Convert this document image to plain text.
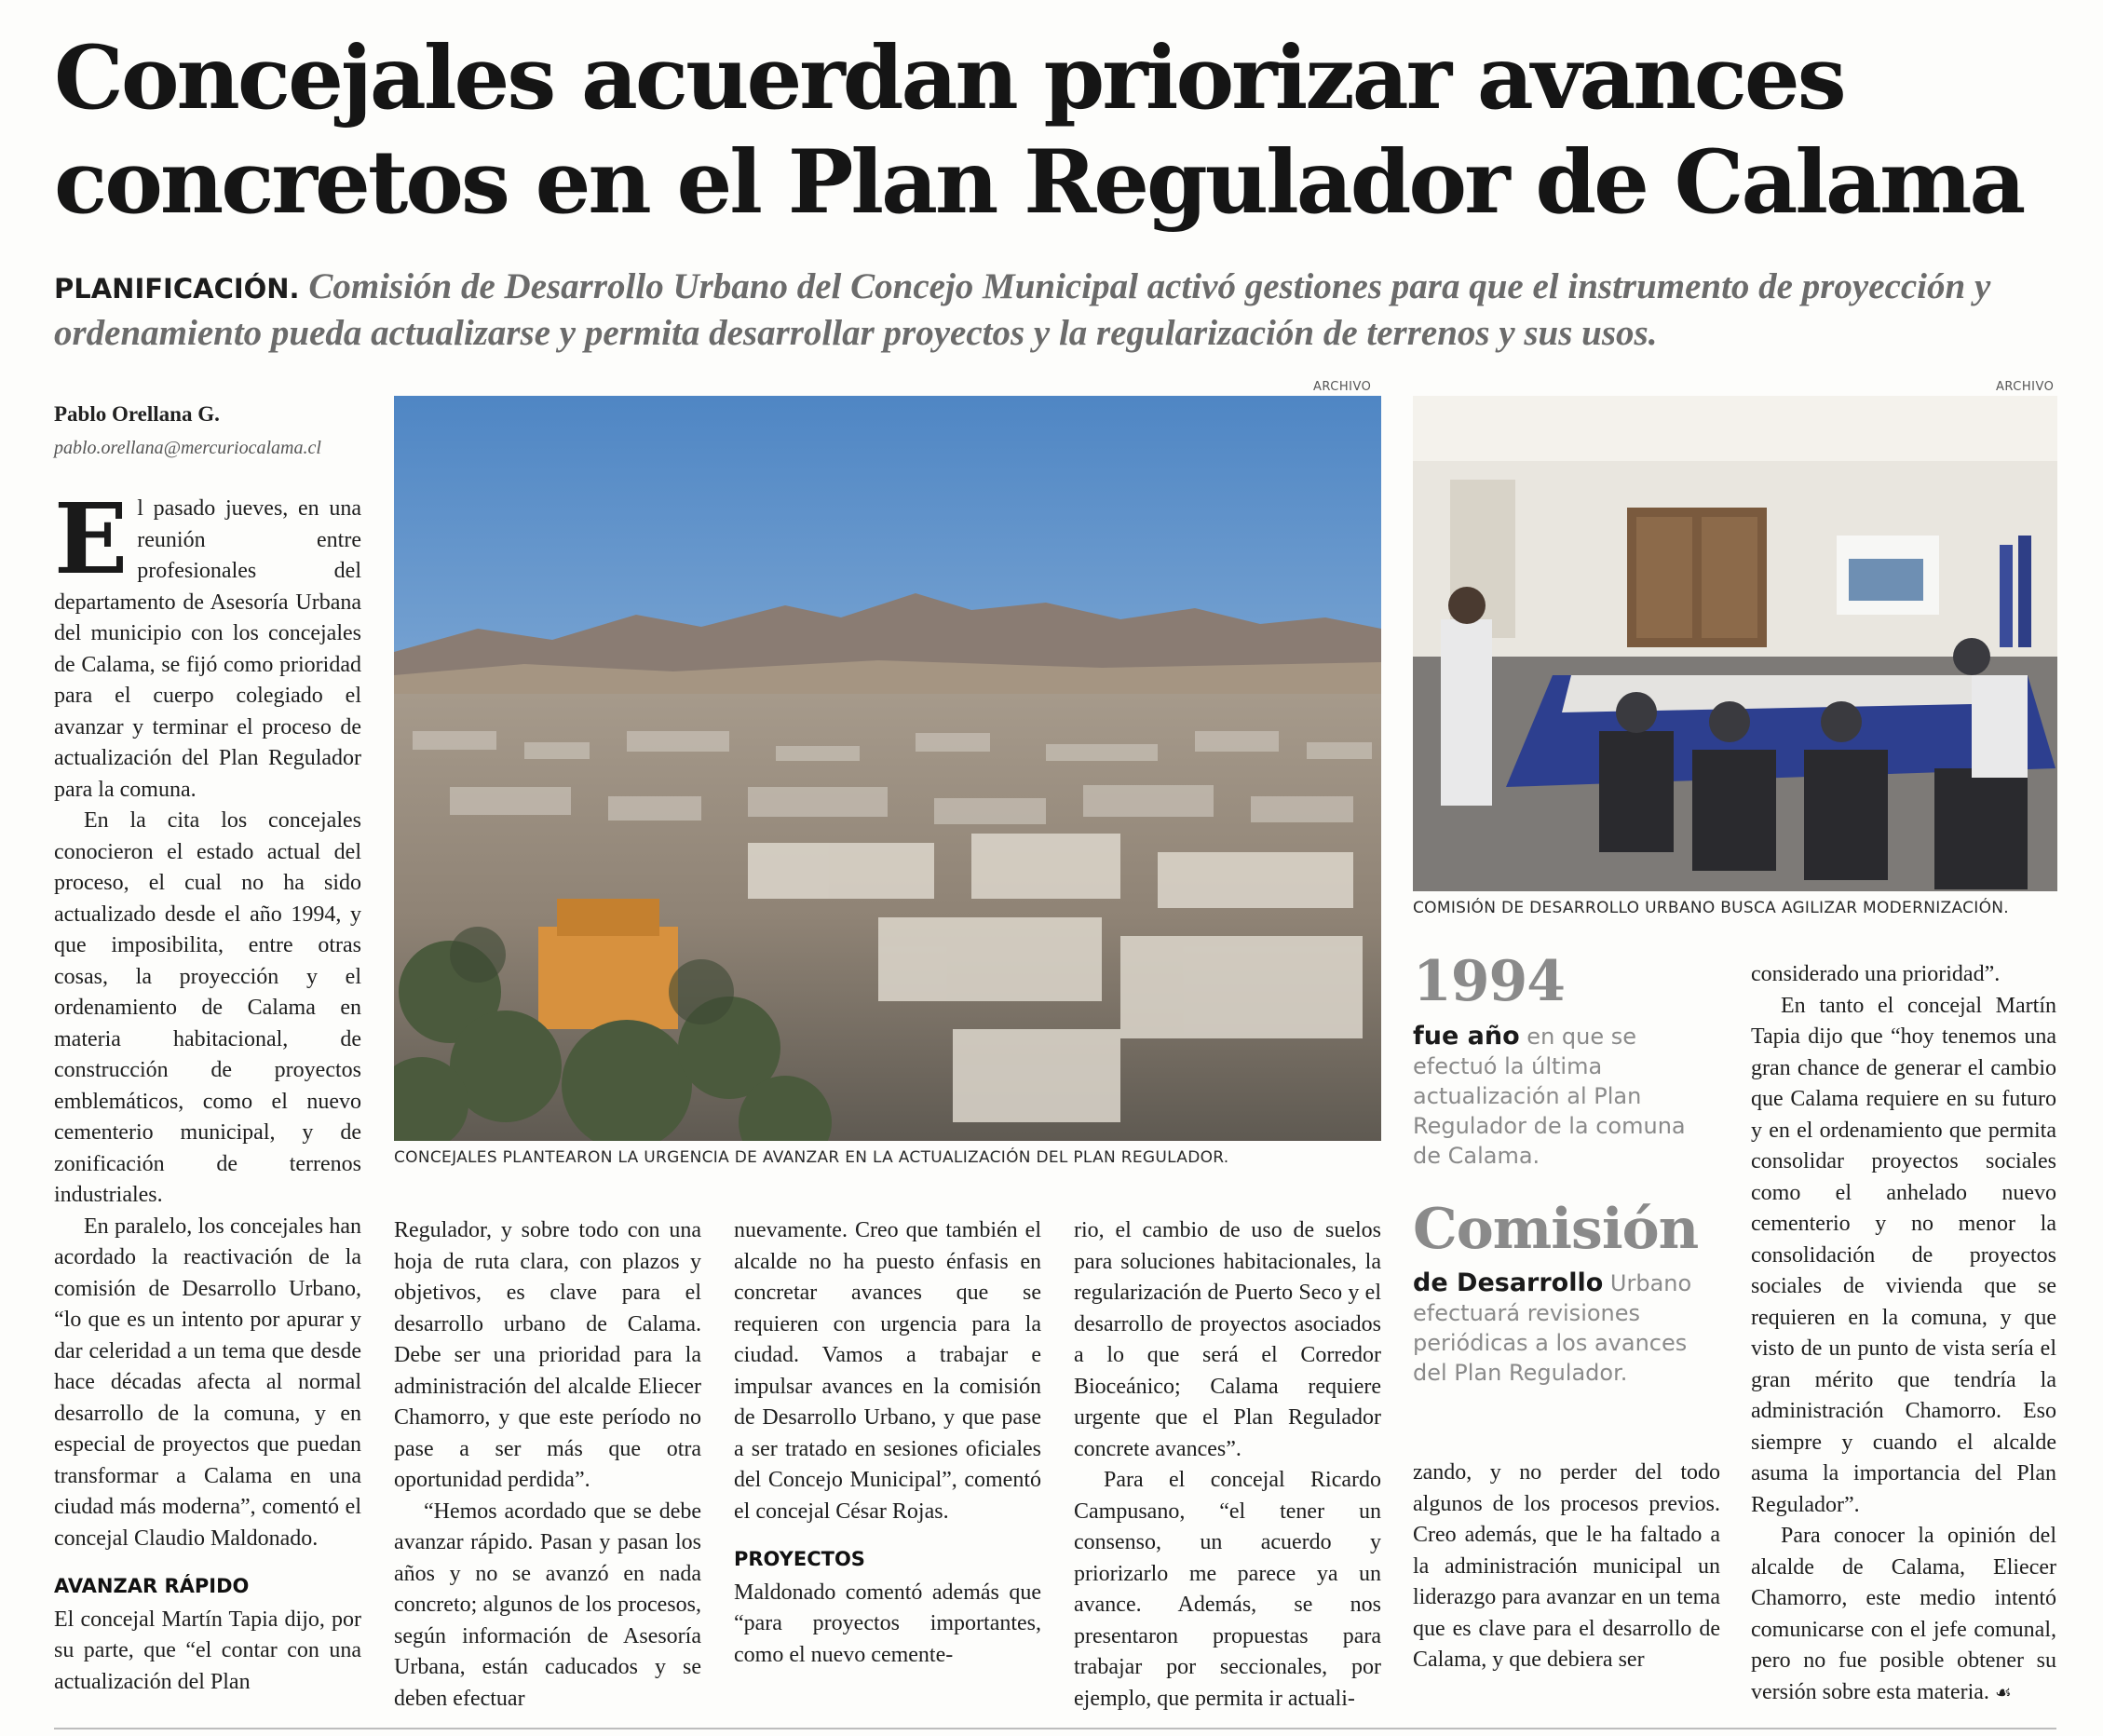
Concejales acuerdan priorizar avances
concretos en el Plan Regulador de Calama
PLANIFICACIÓN. Comisión de Desarrollo Urbano del Concejo Municipal activó gestiones para que el instrumento de proyección y ordenamiento pueda actualizarse y permita desarrollar proyectos y la regularización de terrenos y sus usos.
Pablo Orellana G.
pablo.orellana@mercuriocalama.cl

El pasado jueves, en una reunión entre profesionales del departamento de Asesoría Urbana del municipio con los concejales de Calama, se fijó como prioridad para el cuerpo colegiado el avanzar y terminar el proceso de actualización del Plan Regulador para la comuna.

En la cita los concejales conocieron el estado actual del proceso, el cual no ha sido actualizado desde el año 1994, y que imposibilita, entre otras cosas, la proyección y el ordenamiento de Calama en materia habitacional, de construcción de proyectos emblemáticos, como el nuevo cementerio municipal, y de zonificación de terrenos industriales.

En paralelo, los concejales han acordado la reactivación de la comisión de Desarrollo Urbano, “lo que es un intento por apurar y dar celeridad a un tema que desde hace décadas afecta al normal desarrollo de la comuna, y en especial de proyectos que puedan transformar a Calama en una ciudad más moderna”, comentó el concejal Claudio Maldonado.

AVANZAR RÁPIDO

El concejal Martín Tapia dijo, por su parte, que “el contar con una actualización del Plan

ARCHIVO
CONCEJALES PLANTEARON LA URGENCIA DE AVANZAR EN LA ACTUALIZACIÓN DEL PLAN REGULADOR.
ARCHIVO
COMISIÓN DE DESARROLLO URBANO BUSCA AGILIZAR MODERNIZACIÓN.

Regulador, y sobre todo con una hoja de ruta clara, con plazos y objetivos, es clave para el desarrollo urbano de Calama. Debe ser una prioridad para la administración del alcalde Eliecer Chamorro, y que este período no pase a ser más que otra oportunidad perdida”.

“Hemos acordado que se debe avanzar rápido. Pasan y pasan los años y no se avanzó en nada concreto; algunos de los procesos, según información de Asesoría Urbana, están caducados y se deben efectuar

nuevamente. Creo que también el alcalde no ha puesto énfasis en concretar avances que se requieren con urgencia para la ciudad. Vamos a trabajar e impulsar avances en la comisión de Desarrollo Urbano, y que pase a ser tratado en sesiones oficiales del Concejo Municipal”, comentó el concejal César Rojas.

PROYECTOS

Maldonado comentó además que “para proyectos importantes, como el nuevo cemente-

rio, el cambio de uso de suelos para soluciones habitacionales, la regularización de Puerto Seco y el desarrollo de proyectos asociados a lo que será el Corredor Bioceánico; Calama requiere urgente que el Plan Regulador concrete avances”.

Para el concejal Ricardo Campusano, “el tener un consenso, un acuerdo y priorizarlo me parece ya un avance. Además, se nos presentaron propuestas para trabajar por seccionales, por ejemplo, que permita ir actuali-

1994
fue año en que se efectuó la última actualización al Plan Regulador de la comuna de Calama.
Comisión
de Desarrollo Urbano efectuará revisiones periódicas a los avances del Plan Regulador.

zando, y no perder del todo algunos de los procesos previos. Creo además, que le ha faltado a la administración municipal un liderazgo para avanzar en un tema que es clave para el desarrollo de Calama, y que debiera ser

considerado una prioridad”.

En tanto el concejal Martín Tapia dijo que “hoy tenemos una gran chance de generar el cambio que Calama requiere en su futuro y en el ordenamiento que permita consolidar proyectos sociales como el anhelado nuevo cementerio y no menor la consolidación de proyectos sociales de vivienda que se requieren en la comuna, y que visto de un punto de vista sería el gran mérito que tendría la administración Chamorro. Eso siempre y cuando el alcalde asuma la importancia del Plan Regulador”.

Para conocer la opinión del alcalde de Calama, Eliecer Chamorro, este medio intentó comunicarse con el jefe comunal, pero no fue posible obtener su versión sobre esta materia. ☙
